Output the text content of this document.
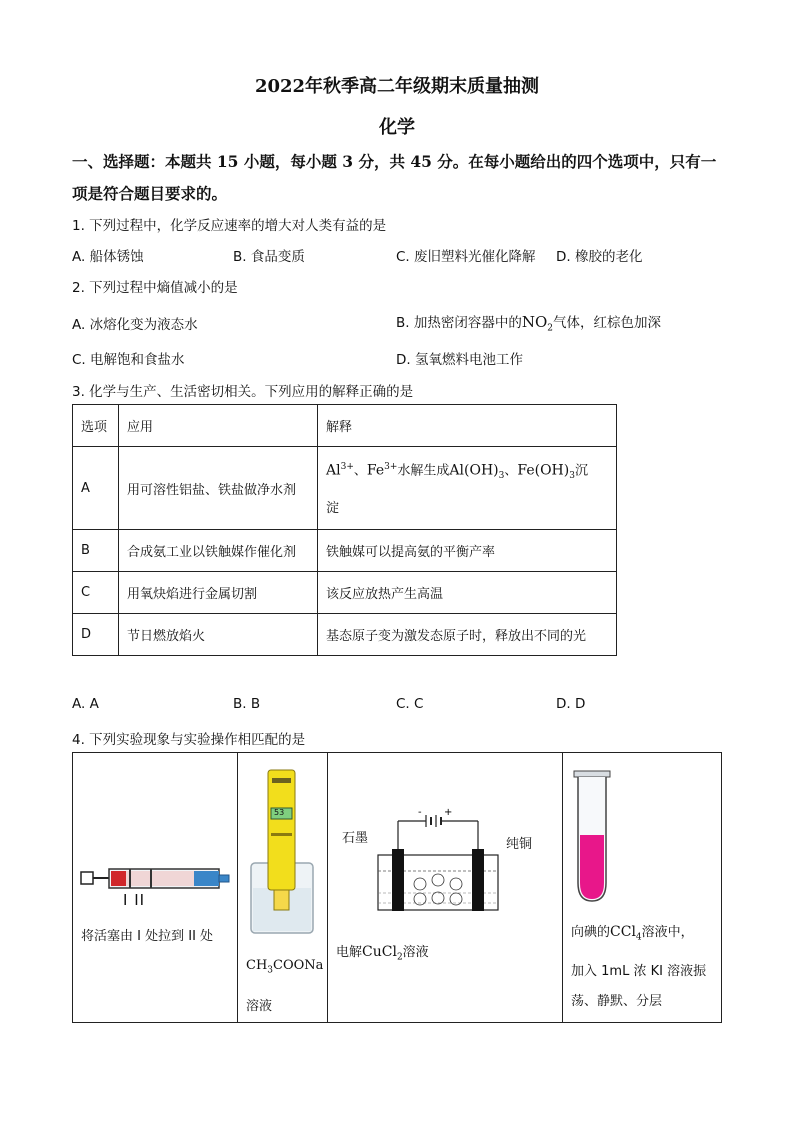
2022年秋季高二年级期末质量抽测
化学
一、选择题：本题共 15 小题，每小题 3 分，共 45 分。在每小题给出的四个选项中，只有一
项是符合题目要求的。
1. 下列过程中，化学反应速率的增大对人类有益的是
A. 船体锈蚀	B. 食品变质	C. 废旧塑料光催化降解 D. 橡胶的老化
2. 下列过程中熵值减小的是
A. 冰熔化变为液态水	B. 加热密闭容器中的$NO_2$气体，红棕色加深
C. 电解饱和食盐水	D. 氢氧燃料电池工作
3. 化学与生产、生活密切相关。下列应用的解释正确的是
选项	应用	解释
A	用可溶性铝盐、铁盐做净水剂	$Al^{3+}$、$Fe^{3+}$水解生成$Al(OH)_3$、$Fe(OH)_3$沉
淀
B	合成氨工业以铁触媒作催化剂	铁触媒可以提高氨的平衡产率
C	用氧炔焰进行金属切割	该反应放热产生高温
D	节日燃放焰火	基态原子变为激发态原子时，释放出不同的光
A. A	B. B	C. C	D. D
4. 下列实验现象与实验操作相匹配的是
I II
将活塞由 I 处拉到 II 处

53
$CH_3COONa$
溶液

- +
石墨	纯铜
电解CuCl$_2$溶液

向碘的CCl$_4$溶液中，
加入 1mL 浓 KI 溶液振
荡、静默、分层
